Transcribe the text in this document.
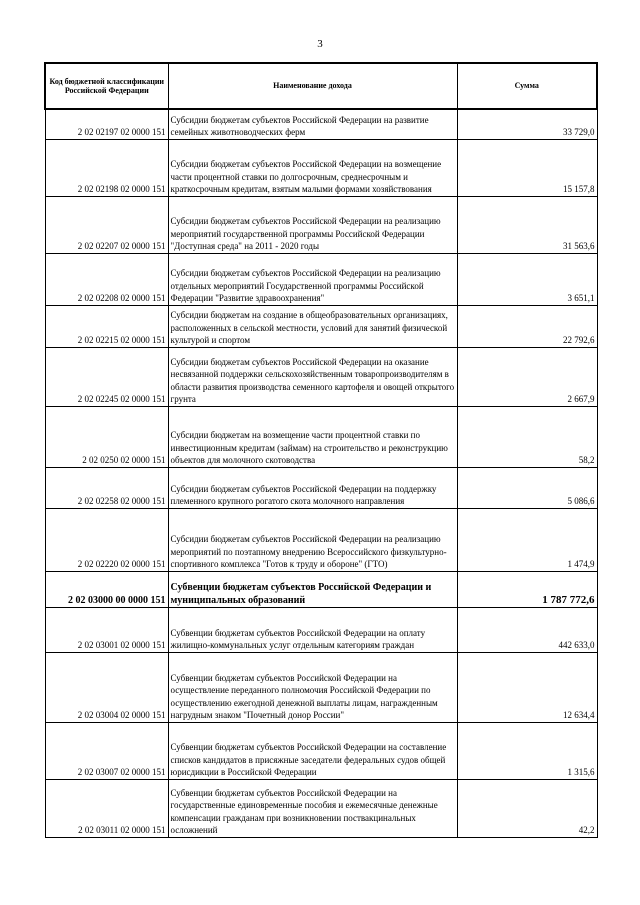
3
Код бюджетной классификации Российской Федерации	Наименование дохода	Сумма
2 02 02197 02 0000 151	Субсидии бюджетам субъектов Российской Федерации на развитие семейных животноводческих ферм	33 729,0
2 02 02198 02 0000 151	Субсидии бюджетам субъектов Российской Федерации на возмещение части процентной ставки по долгосрочным, среднесрочным и краткосрочным кредитам, взятым малыми формами хозяйствования	15 157,8
2 02 02207 02 0000 151	Субсидии бюджетам субъектов Российской Федерации на реализацию мероприятий государственной программы Российской Федерации "Доступная среда" на 2011 - 2020 годы	31 563,6
2 02 02208 02 0000 151	Субсидии бюджетам субъектов Российской Федерации на реализацию отдельных мероприятий Государственной программы Российской Федерации "Развитие здравоохранения"	3 651,1
2 02 02215 02 0000 151	Субсидии бюджетам на создание в общеобразовательных организациях, расположенных в сельской местности, условий для занятий физической культурой и спортом	22 792,6
2 02 02245 02 0000 151	Субсидии бюджетам субъектов Российской Федерации на оказание несвязанной поддержки сельскохозяйственным товаропроизводителям в области развития производства семенного картофеля и овощей открытого грунта	2 667,9
2 02 0250 02 0000 151	Субсидии бюджетам на возмещение части процентной ставки по инвестиционным кредитам (займам) на строительство и реконструкцию объектов для молочного скотоводства	58,2
2 02 02258 02 0000 151	Субсидии бюджетам субъектов Российской Федерации на поддержку племенного крупного рогатого скота молочного направления	5 086,6
2 02 02220 02 0000 151	Субсидии бюджетам субъектов Российской Федерации на реализацию мероприятий по поэтапному внедрению Всероссийского физкультурно-спортивного комплекса "Готов к труду и обороне" (ГТО)	1 474,9
2 02 03000 00 0000 151	Субвенции бюджетам субъектов Российской Федерации и муниципальных образований	1 787 772,6
2 02 03001 02 0000 151	Субвенции бюджетам субъектов Российской Федерации на оплату жилищно-коммунальных услуг отдельным категориям граждан	442 633,0
2 02 03004 02 0000 151	Субвенции бюджетам субъектов Российской Федерации на осуществление переданного полномочия Российской Федерации по осуществлению ежегодной денежной выплаты лицам, награжденным нагрудным знаком "Почетный донор России"	12 634,4
2 02 03007 02 0000 151	Субвенции бюджетам субъектов Российской Федерации на составление списков кандидатов в присяжные заседатели федеральных судов общей юрисдикции в Российской Федерации	1 315,6
2 02 03011 02 0000 151	Субвенции бюджетам субъектов Российской Федерации на государственные единовременные пособия и ежемесячные денежные компенсации гражданам при возникновении поствакцинальных осложнений	42,2
